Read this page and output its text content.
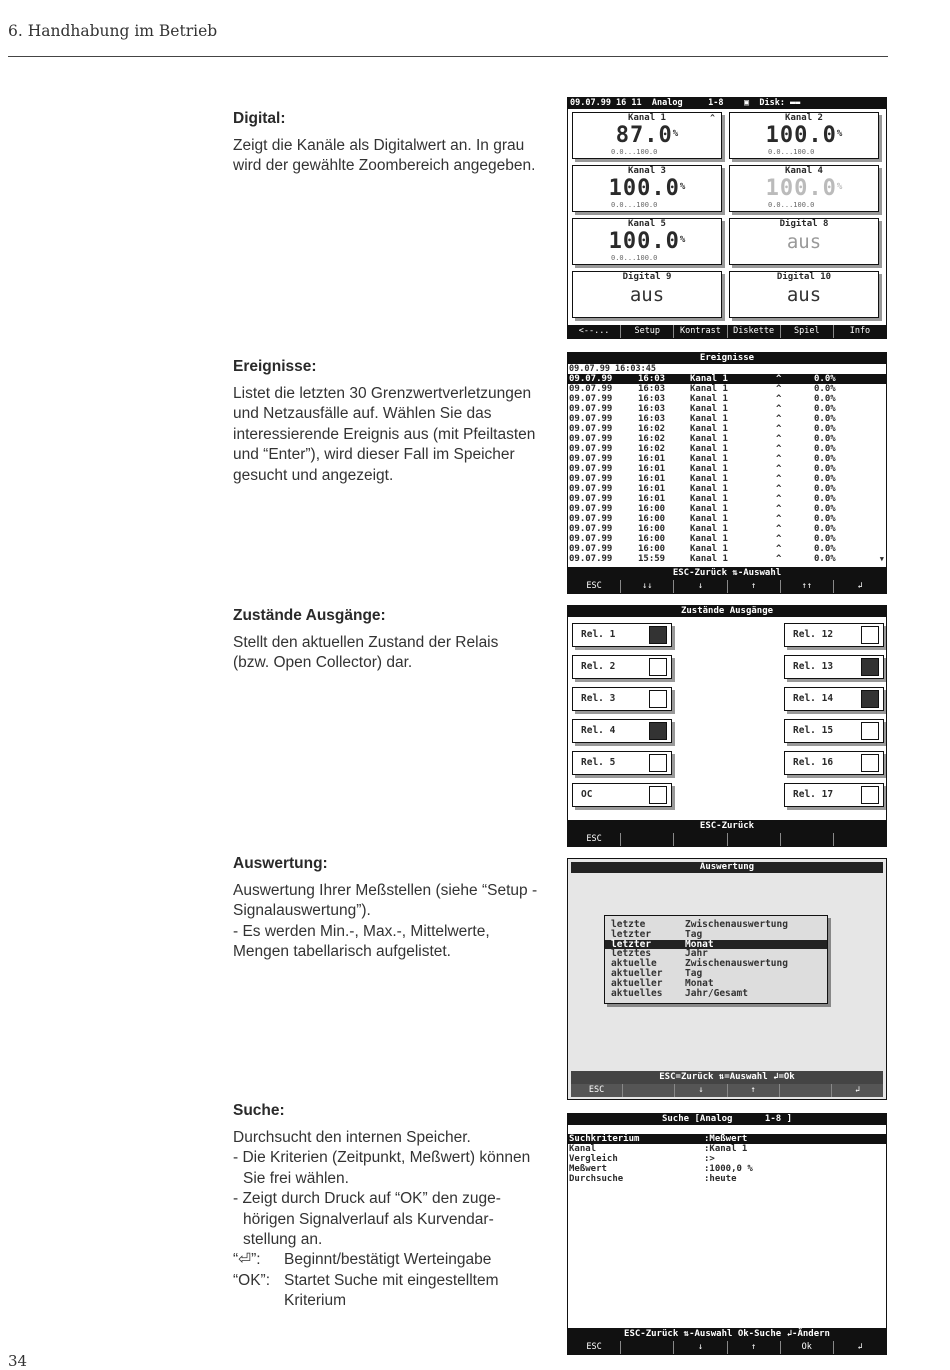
6. Handhabung im Betrieb
Digital:

Zeigt die Kanäle als Digitalwert an. In grau

wird der gewählte Zoombereich angegeben.

09.07.99 16 11  Analog     1-8    ▣  Disk: ▬▬
Kanal 1
87.0%
0.0...100.0
^	Kanal 2
100.0%
0.0...100.0
Kanal 3
100.0%
0.0...100.0
Kanal 4
100.0%
0.0...100.0
Kanal 5
100.0%
0.0...100.0
Digital 8
aus
Digital 9
aus
Digital 10
aus
<--...	Setup	Kontrast	Diskette	Spiel	Info
Ereignisse:

Listet die letzten 30 Grenzwertverletzungen

und Netzausfälle auf. Wählen Sie das

interessierende Ereignis aus (mit Pfeiltasten

und “Enter”), wird dieser Fall im Speicher

gesucht und angezeigt.

Ereignisse
09.07.99 16:03:45
09.07.99	16:03	Kanal 1	^	0.0%
09.07.99	16:03	Kanal 1	^	0.0%
09.07.99	16:03	Kanal 1	^	0.0%
09.07.99	16:03	Kanal 1	^	0.0%
09.07.99	16:03	Kanal 1	^	0.0%
09.07.99	16:02	Kanal 1	^	0.0%
09.07.99	16:02	Kanal 1	^	0.0%
09.07.99	16:02	Kanal 1	^	0.0%
09.07.99	16:01	Kanal 1	^	0.0%
09.07.99	16:01	Kanal 1	^	0.0%
09.07.99	16:01	Kanal 1	^	0.0%
09.07.99	16:01	Kanal 1	^	0.0%
09.07.99	16:01	Kanal 1	^	0.0%
09.07.99	16:00	Kanal 1	^	0.0%
09.07.99	16:00	Kanal 1	^	0.0%
09.07.99	16:00	Kanal 1	^	0.0%
09.07.99	16:00	Kanal 1	^	0.0%
09.07.99	16:00	Kanal 1	^	0.0%
09.07.99	15:59	Kanal 1	^	0.0%	▼
ESC-Zurück ⇅-Auswahl
ESC	↓↓	↓	↑	↑↑	↲
Zustände Ausgänge:

Stellt den aktuellen Zustand der Relais

(bzw. Open Collector) dar.

Zustände Ausgänge
Rel. 1
Rel. 2
Rel. 3
Rel. 4
Rel. 5
OC
Rel. 12
Rel. 13
Rel. 14
Rel. 15
Rel. 16
Rel. 17
ESC-Zurück
ESC
Auswertung:

Auswertung Ihrer Meßstellen (siehe “Setup -

Signalauswertung”).

- Es werden Min.-, Max.-, Mittelwerte,

Mengen tabellarisch aufgelistet.

Auswertung
letzte	Zwischenauswertung
letzter	Tag
letzter	Monat
letztes	Jahr
aktuelle	Zwischenauswertung
aktueller	Tag
aktueller	Monat
aktuelles	Jahr/Gesamt
ESC=Zurück ⇅=Auswahl ↲=Ok
ESC	↓	↑	↲
Suche:
Durchsucht den internen Speicher.
- Die Kriterien (Zeitpunkt, Meßwert) können
Sie frei wählen.
- Zeigt durch Druck auf “OK” den zuge-
hörigen Signalverlauf als Kurvendar-
stellung an.
“⏎”:	Beginnt/bestätigt Werteingabe
“OK”: Startet Suche mit eingestelltem
Kriterium
Suche [Analog      1-8 ]
Suchkriterium	:Meßwert
Kanal	:Kanal 1
Vergleich	:>
Meßwert	:1000,0 %
Durchsuche	:heute
ESC-Zurück ⇅-Auswahl Ok-Suche ↲-Ändern
ESC	↓	↑	Ok	↲
34
